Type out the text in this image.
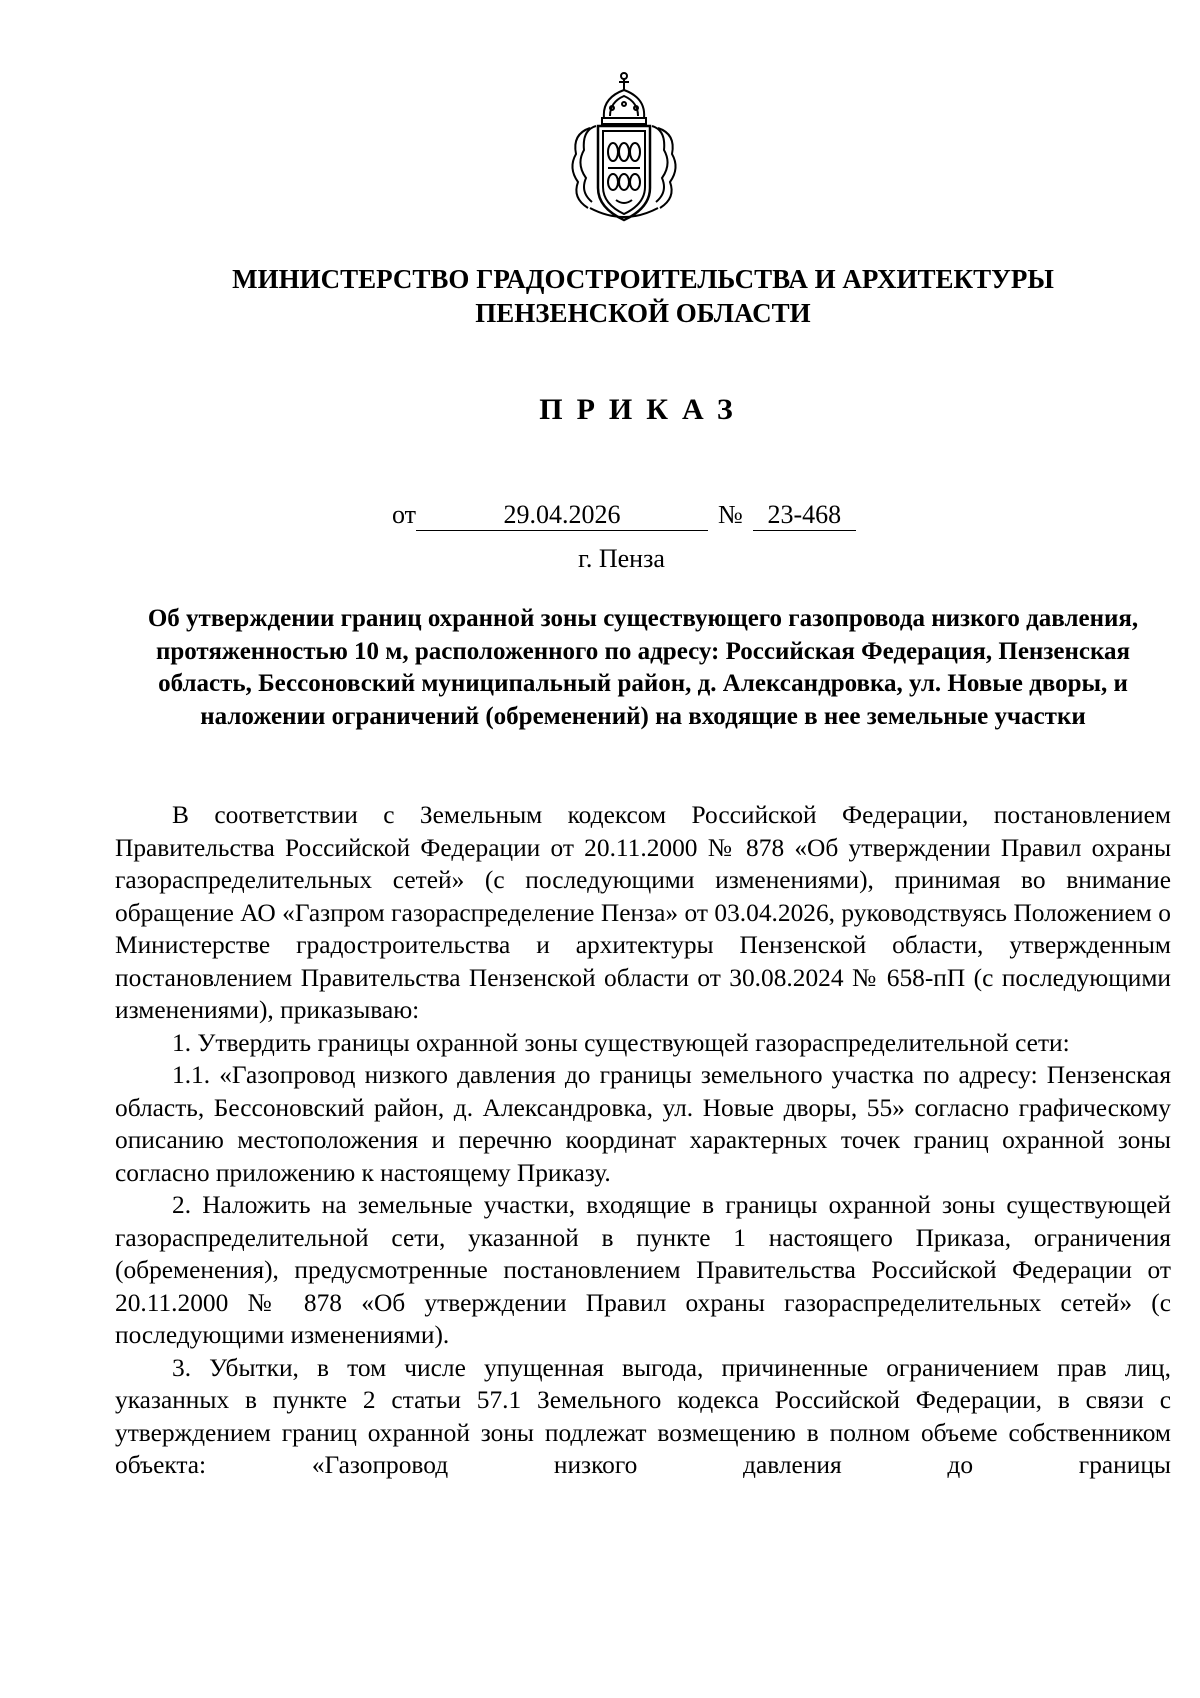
МИНИСТЕРСТВО ГРАДОСТРОИТЕЛЬСТВА И АРХИТЕКТУРЫ
ПЕНЗЕНСКОЙ ОБЛАСТИ
ПРИКАЗ
от	29.04.2026	№ 23-468
г. Пенза
Об утверждении границ охранной зоны существующего газопровода низкого давления, протяженностью 10 м, расположенного по адресу: Российская Федерация, Пензенская область, Бессоновский муниципальный район, д. Александровка, ул. Новые дворы, и наложении ограничений (обременений) на входящие в нее земельные участки

В соответствии с Земельным кодексом Российской Федерации, постановлением Правительства Российской Федерации от 20.11.2000 № 878 «Об утверждении Правил охраны газораспределительных сетей» (с последующими изменениями), принимая во внимание обращение АО «Газпром газораспределение Пенза» от 03.04.2026, руководствуясь Положением о Министерстве градостроительства и архитектуры Пензенской области, утвержденным постановлением Правительства Пензенской области от 30.08.2024 № 658-пП (с последующими изменениями), приказываю:

1. Утвердить границы охранной зоны существующей газораспределительной сети:

1.1. «Газопровод низкого давления до границы земельного участка по адресу: Пензенская область, Бессоновский район, д. Александровка, ул. Новые дворы, 55» согласно графическому описанию местоположения и перечню координат характерных точек границ охранной зоны согласно приложению к настоящему Приказу.

2. Наложить на земельные участки, входящие в границы охранной зоны существующей газораспределительной сети, указанной в пункте 1 настоящего Приказа, ограничения (обременения), предусмотренные постановлением Правительства Российской Федерации от 20.11.2000 № 878 «Об утверждении Правил охраны газораспределительных сетей» (с последующими изменениями).

3. Убытки, в том числе упущенная выгода, причиненные ограничением прав лиц, указанных в пункте 2 статьи 57.1 Земельного кодекса Российской Федерации, в связи с утверждением границ охранной зоны подлежат возмещению в полном объеме собственником объекта: «Газопровод низкого давления до границы
